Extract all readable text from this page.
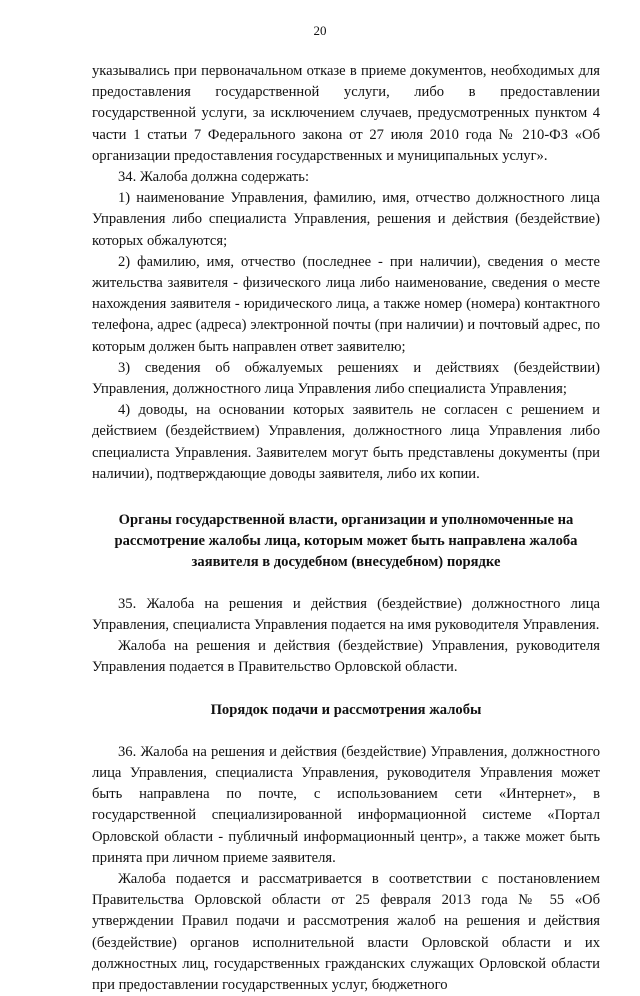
20

указывались при первоначальном отказе в приеме документов, необходимых для предоставления государственной услуги, либо в предоставлении государственной услуги, за исключением случаев, предусмотренных пунктом 4 части 1 статьи 7 Федерального закона от 27 июля 2010 года № 210-ФЗ «Об организации предоставления государственных и муниципальных услуг».

34. Жалоба должна содержать:

1) наименование Управления, фамилию, имя, отчество должностного лица Управления либо специалиста Управления, решения и действия (бездействие) которых обжалуются;

2) фамилию, имя, отчество (последнее - при наличии), сведения о месте жительства заявителя - физического лица либо наименование, сведения о месте нахождения заявителя - юридического лица, а также номер (номера) контактного телефона, адрес (адреса) электронной почты (при наличии) и почтовый адрес, по которым должен быть направлен ответ заявителю;

3) сведения об обжалуемых решениях и действиях (бездействии) Управления, должностного лица Управления либо специалиста Управления;

4) доводы, на основании которых заявитель не согласен с решением и действием (бездействием) Управления, должностного лица Управления либо специалиста Управления. Заявителем могут быть представлены документы (при наличии), подтверждающие доводы заявителя, либо их копии.

Органы государственной власти, организации и уполномоченные на рассмотрение жалобы лица, которым может быть направлена жалоба заявителя в досудебном (внесудебном) порядке

35. Жалоба на решения и действия (бездействие) должностного лица Управления, специалиста Управления подается на имя руководителя Управления.

Жалоба на решения и действия (бездействие) Управления, руководителя Управления подается в Правительство Орловской области.

Порядок подачи и рассмотрения жалобы

36. Жалоба на решения и действия (бездействие) Управления, должностного лица Управления, специалиста Управления, руководителя Управления может быть направлена по почте, с использованием сети «Интернет», в государственной специализированной информационной системе «Портал Орловской области - публичный информационный центр», а также может быть принята при личном приеме заявителя.

Жалоба подается и рассматривается в соответствии с постановлением Правительства Орловской области от 25 февраля 2013 года № 55 «Об утверждении Правил подачи и рассмотрения жалоб на решения и действия (бездействие) органов исполнительной власти Орловской области и их должностных лиц, государственных гражданских служащих Орловской области при предоставлении государственных услуг, бюджетного
